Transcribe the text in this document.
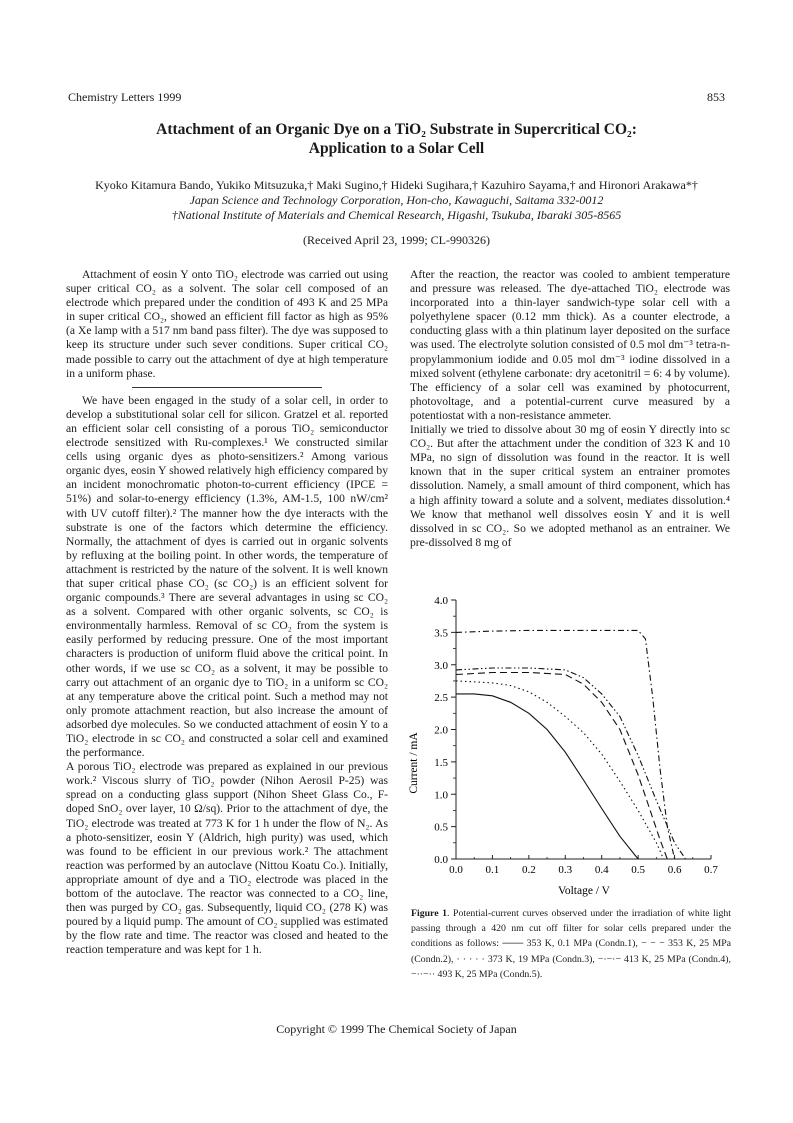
Chemistry Letters 1999	853
Attachment of an Organic Dye on a TiO₂ Substrate in Supercritical CO₂:
Application to a Solar Cell
Kyoko Kitamura Bando, Yukiko Mitsuzuka,† Maki Sugino,† Hideki Sugihara,† Kazuhiro Sayama,† and Hironori Arakawa*†
Japan Science and Technology Corporation, Hon-cho, Kawaguchi, Saitama 332-0012
†National Institute of Materials and Chemical Research, Higashi, Tsukuba, Ibaraki 305-8565
(Received April 23, 1999; CL-990326)

Attachment of eosin Y onto TiO₂ electrode was carried out using super critical CO₂ as a solvent. The solar cell composed of an electrode which prepared under the condition of 493 K and 25 MPa in super critical CO₂, showed an efficient fill factor as high as 95% (a Xe lamp with a 517 nm band pass filter). The dye was supposed to keep its structure under such sever conditions. Super critical CO₂ made possible to carry out the attachment of dye at high temperature in a uniform phase.

We have been engaged in the study of a solar cell, in order to develop a substitutional solar cell for silicon. Gratzel et al. reported an efficient solar cell consisting of a porous TiO₂ semiconductor electrode sensitized with Ru-complexes.¹ We constructed similar cells using organic dyes as photo-sensitizers.² Among various organic dyes, eosin Y showed relatively high efficiency compared by an incident monochromatic photon-to-current efficiency (IPCE = 51%) and solar-to-energy efficiency (1.3%, AM-1.5, 100 nW/cm² with UV cutoff filter).² The manner how the dye interacts with the substrate is one of the factors which determine the efficiency. Normally, the attachment of dyes is carried out in organic solvents by refluxing at the boiling point. In other words, the temperature of attachment is restricted by the nature of the solvent. It is well known that super critical phase CO₂ (sc CO₂) is an efficient solvent for organic compounds.³ There are several advantages in using sc CO₂ as a solvent. Compared with other organic solvents, sc CO₂ is environmentally harmless. Removal of sc CO₂ from the system is easily performed by reducing pressure. One of the most important characters is production of uniform fluid above the critical point. In other words, if we use sc CO₂ as a solvent, it may be possible to carry out attachment of an organic dye to TiO₂ in a uniform sc CO₂ at any temperature above the critical point. Such a method may not only promote attachment reaction, but also increase the amount of adsorbed dye molecules. So we conducted attachment of eosin Y to a TiO₂ electrode in sc CO₂ and constructed a solar cell and examined the performance.

A porous TiO₂ electrode was prepared as explained in our previous work.² Viscous slurry of TiO₂ powder (Nihon Aerosil P-25) was spread on a conducting glass support (Nihon Sheet Glass Co., F-doped SnO₂ over layer, 10 Ω/sq). Prior to the attachment of dye, the TiO₂ electrode was treated at 773 K for 1 h under the flow of N₂. As a photo-sensitizer, eosin Y (Aldrich, high purity) was used, which was found to be efficient in our previous work.² The attachment reaction was performed by an autoclave (Nittou Koatu Co.). Initially, appropriate amount of dye and a TiO₂ electrode was placed in the bottom of the autoclave. The reactor was connected to a CO₂ line, then was purged by CO₂ gas. Subsequently, liquid CO₂ (278 K) was poured by a liquid pump. The amount of CO₂ supplied was estimated by the flow rate and time. The reactor was closed and heated to the reaction temperature and was kept for 1 h.

After the reaction, the reactor was cooled to ambient temperature and pressure was released. The dye-attached TiO₂ electrode was incorporated into a thin-layer sandwich-type solar cell with a polyethylene spacer (0.12 mm thick). As a counter electrode, a conducting glass with a thin platinum layer deposited on the surface was used. The electrolyte solution consisted of 0.5 mol dm⁻³ tetra-n-propylammonium iodide and 0.05 mol dm⁻³ iodine dissolved in a mixed solvent (ethylene carbonate: dry acetonitril = 6: 4 by volume). The efficiency of a solar cell was examined by photocurrent, photovoltage, and a potential-current curve measured by a potentiostat with a non-resistance ammeter.

Initially we tried to dissolve about 30 mg of eosin Y directly into sc CO₂. But after the attachment under the condition of 323 K and 10 MPa, no sign of dissolution was found in the reactor. It is well known that in the super critical system an entrainer promotes dissolution. Namely, a small amount of third component, which has a high affinity toward a solute and a solvent, mediates dissolution.⁴ We know that methanol well dissolves eosin Y and it is well dissolved in sc CO₂. So we adopted methanol as an entrainer. We pre-dissolved 8 mg of

0.0 0.1 0.2 0.3 0.4 0.5 0.6 0.7
0.0
0.5
1.0
1.5
2.0
2.5
3.0
3.5
4.0
Voltage / V
Current / mA
Figure 1. Potential-current curves observed under the irradiation of white light passing through a 420 nm cut off filter for solar cells prepared under the conditions as follows: ─── 353 K, 0.1 MPa (Condn.1), − − − 353 K, 25 MPa (Condn.2), · · · · · 373 K, 19 MPa (Condn.3), −·−·− 413 K, 25 MPa (Condn.4), −··−·· 493 K, 25 MPa (Condn.5).
Copyright © 1999 The Chemical Society of Japan
